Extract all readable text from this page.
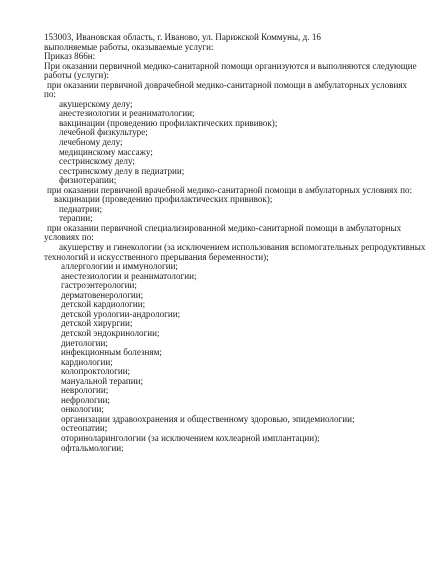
153003, Ивановская область, г. Иваново, ул. Парижской Коммуны, д. 16
выполняемые работы, оказываемые услуги:
Приказ 866н:
При оказании первичной медико-санитарной помощи организуются и выполняются следующие
работы (услуги):
при оказании первичной доврачебной медико-санитарной помощи в амбулаторных условиях
по:
акушерскому делу;
анестезиологии и реаниматологии;
вакцинации (проведению профилактических прививок);
лечебной физкультуре;
лечебному делу;
медицинскому массажу;
сестринскому делу;
сестринскому делу в педиатрии;
физиотерапии;
при оказании первичной врачебной медико-санитарной помощи в амбулаторных условиях по:
вакцинации (проведению профилактических прививок);
педиатрии;
терапии;
при оказании первичной специализированной медико-санитарной помощи в амбулаторных
условиях по:
акушерству и гинекологии (за исключением использования вспомогательных репродуктивных
технологий и искусственного прерывания беременности);
аллергологии и иммунологии;
анестезиологии и реаниматологии;
гастроэнтерологии;
дерматовенерологии;
детской кардиологии;
детской урологии-андрологии;
детской хирургии;
детской эндокринологии;
диетологии;
инфекционным болезням;
кардиологии;
колопроктологии;
мануальной терапии;
неврологии;
нефрологии;
онкологии;
организации здравоохранения и общественному здоровью, эпидемиологии;
остеопатии;
оториноларингологии (за исключением кохлеарной имплантации);
офтальмологии;
